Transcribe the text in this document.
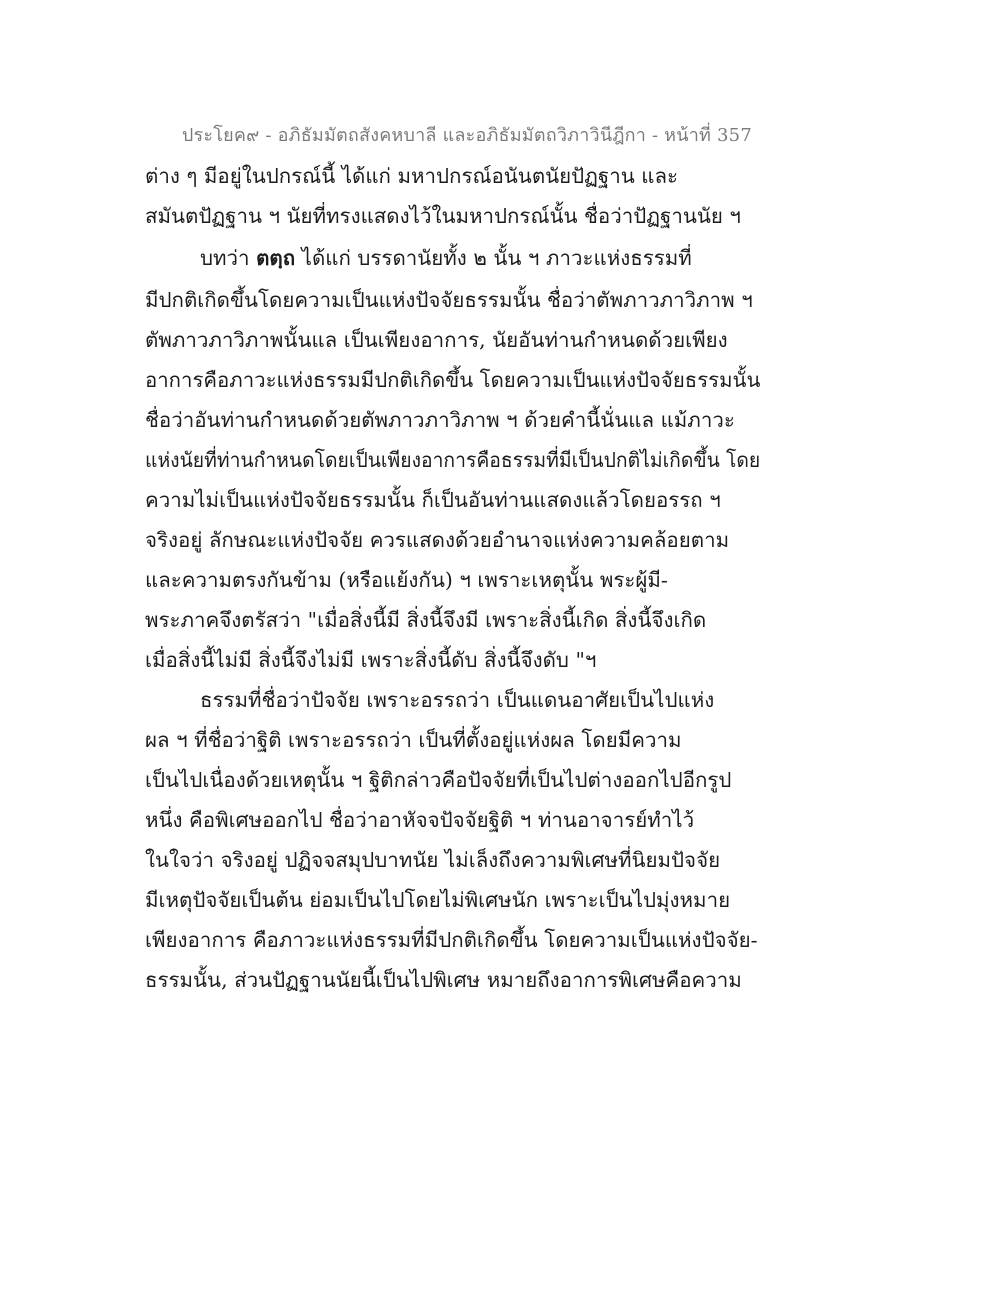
ประโยค๙ - อภิธัมมัตถสังคหบาลี และอภิธัมมัตถวิภาวินีฎีกา - หน้าที่ 357
ต่าง ๆ มีอยู่ในปกรณ์นี้ ได้แก่ มหาปกรณ์อนันตนัยปัฏฐาน และ
สมันตปัฏฐาน ฯ นัยที่ทรงแสดงไว้ในมหาปกรณ์นั้น ชื่อว่าปัฏฐานนัย ฯ
บทว่า ตตฺถ ได้แก่ บรรดานัยทั้ง ๒ นั้น ฯ ภาวะแห่งธรรมที่
มีปกติเกิดขึ้นโดยความเป็นแห่งปัจจัยธรรมนั้น ชื่อว่าตัพภาวภาวิภาพ ฯ
ตัพภาวภาวิภาพนั้นแล เป็นเพียงอาการ, นัยอันท่านกำหนดด้วยเพียง
อาการคือภาวะแห่งธรรมมีปกติเกิดขึ้น โดยความเป็นแห่งปัจจัยธรรมนั้น
ชื่อว่าอันท่านกำหนดด้วยตัพภาวภาวิภาพ ฯ ด้วยคำนี้นั่นแล แม้ภาวะ
แห่งนัยที่ท่านกำหนดโดยเป็นเพียงอาการคือธรรมที่มีเป็นปกติไม่เกิดขึ้น โดย
ความไม่เป็นแห่งปัจจัยธรรมนั้น ก็เป็นอันท่านแสดงแล้วโดยอรรถ ฯ
จริงอยู่ ลักษณะแห่งปัจจัย ควรแสดงด้วยอำนาจแห่งความคล้อยตาม
และความตรงกันข้าม (หรือแย้งกัน) ฯ เพราะเหตุนั้น พระผู้มี-
พระภาคจึงตรัสว่า "เมื่อสิ่งนี้มี สิ่งนี้จึงมี เพราะสิ่งนี้เกิด สิ่งนี้จึงเกิด
เมื่อสิ่งนี้ไม่มี สิ่งนี้จึงไม่มี เพราะสิ่งนี้ดับ สิ่งนี้จึงดับ "ฯ
ธรรมที่ชื่อว่าปัจจัย เพราะอรรถว่า เป็นแดนอาศัยเป็นไปแห่ง
ผล ฯ ที่ชื่อว่าฐิติ เพราะอรรถว่า เป็นที่ตั้งอยู่แห่งผล โดยมีความ
เป็นไปเนื่องด้วยเหตุนั้น ฯ ฐิติกล่าวคือปัจจัยที่เป็นไปต่างออกไปอีกรูป
หนึ่ง คือพิเศษออกไป ชื่อว่าอาหัจจปัจจัยฐิติ ฯ ท่านอาจารย์ทำไว้
ในใจว่า จริงอยู่ ปฏิจจสมุปบาทนัย ไม่เล็งถึงความพิเศษที่นิยมปัจจัย
มีเหตุปัจจัยเป็นต้น ย่อมเป็นไปโดยไม่พิเศษนัก เพราะเป็นไปมุ่งหมาย
เพียงอาการ คือภาวะแห่งธรรมที่มีปกติเกิดขึ้น โดยความเป็นแห่งปัจจัย-
ธรรมนั้น, ส่วนปัฏฐานนัยนี้เป็นไปพิเศษ หมายถึงอาการพิเศษคือความ
